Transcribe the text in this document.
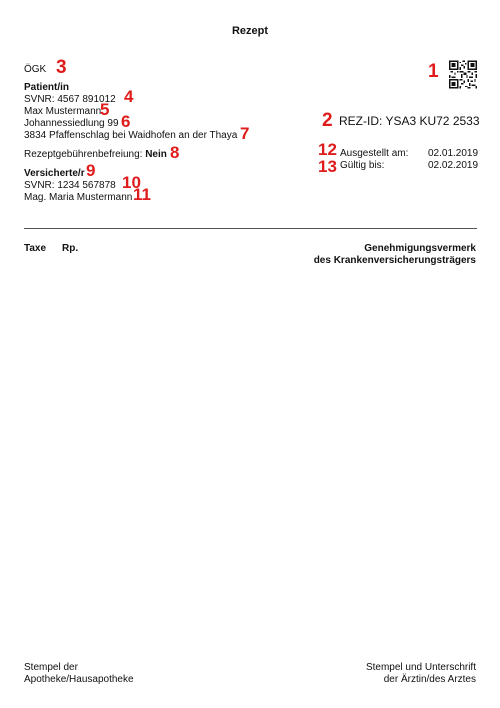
Rezept
ÖGK 3	1
Patient/in
SVNR: 4567 891012 4
Max Mustermann
5
Johannessiedlung 99 6
3834 Pfaffenschlag bei Waidhofen an der Thaya 7
2 REZ-ID: YSA3 KU72 2533
Rezeptgebührenbefreiung: Nein 8	12 Ausgestellt am: 02.01.2019
13 Gültig bis:	02.02.2019
Versicherte/r 9
SVNR: 1234 567878 10
Mag. Maria Mustermann 11
Taxe Rp.	Genehmigungsvermerk
des Krankenversicherungsträgers
Stempel der
Apotheke/Hausapotheke
Stempel und Unterschrift
der Ärztin/des Arztes
